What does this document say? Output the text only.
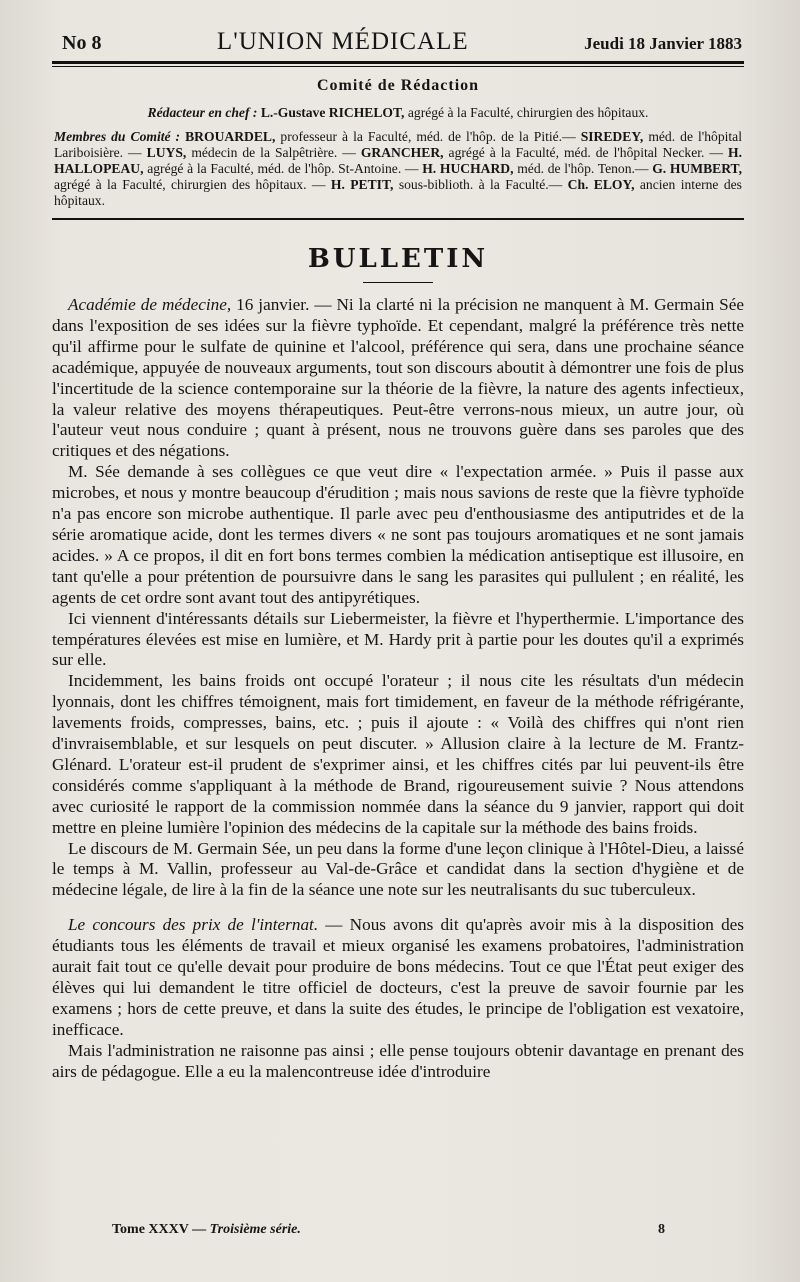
No 8	L'UNION MÉDICALE	Jeudi 18 Janvier 1883
Comité de Rédaction

Rédacteur en chef : L.-Gustave RICHELOT, agrégé à la Faculté, chirurgien des hôpitaux.

Membres du Comité : BROUARDEL, professeur à la Faculté, méd. de l'hôp. de la Pitié.— SIREDEY, méd. de l'hôpital Lariboisière. — LUYS, médecin de la Salpêtrière. — GRANCHER, agrégé à la Faculté, méd. de l'hôpital Necker. — H. HALLOPEAU, agrégé à la Faculté, méd. de l'hôp. St-Antoine. — H. HUCHARD, méd. de l'hôp. Tenon.— G. HUMBERT, agrégé à la Faculté, chirurgien des hôpitaux. — H. PETIT, sous-biblioth. à la Faculté.— Ch. ELOY, ancien interne des hôpitaux.

BULLETIN

Académie de médecine, 16 janvier. — Ni la clarté ni la précision ne manquent à M. Germain Sée dans l'exposition de ses idées sur la fièvre typhoïde. Et cependant, malgré la préférence très nette qu'il affirme pour le sulfate de quinine et l'alcool, préférence qui sera, dans une prochaine séance académique, appuyée de nouveaux arguments, tout son discours aboutit à démontrer une fois de plus l'incertitude de la science contemporaine sur la théorie de la fièvre, la nature des agents infectieux, la valeur relative des moyens thérapeutiques. Peut-être verrons-nous mieux, un autre jour, où l'auteur veut nous conduire ; quant à présent, nous ne trouvons guère dans ses paroles que des critiques et des négations.

M. Sée demande à ses collègues ce que veut dire « l'expectation armée. » Puis il passe aux microbes, et nous y montre beaucoup d'érudition ; mais nous savions de reste que la fièvre typhoïde n'a pas encore son microbe authentique. Il parle avec peu d'enthousiasme des antiputrides et de la série aromatique acide, dont les termes divers « ne sont pas toujours aromatiques et ne sont jamais acides. » A ce propos, il dit en fort bons termes combien la médication antiseptique est illusoire, en tant qu'elle a pour prétention de poursuivre dans le sang les parasites qui pullulent ; en réalité, les agents de cet ordre sont avant tout des antipyrétiques.

Ici viennent d'intéressants détails sur Liebermeister, la fièvre et l'hyperthermie. L'importance des températures élevées est mise en lumière, et M. Hardy prit à partie pour les doutes qu'il a exprimés sur elle.

Incidemment, les bains froids ont occupé l'orateur ; il nous cite les résultats d'un médecin lyonnais, dont les chiffres témoignent, mais fort timidement, en faveur de la méthode réfrigérante, lavements froids, compresses, bains, etc. ; puis il ajoute : « Voilà des chiffres qui n'ont rien d'invraisemblable, et sur lesquels on peut discuter. » Allusion claire à la lecture de M. Frantz-Glénard. L'orateur est-il prudent de s'exprimer ainsi, et les chiffres cités par lui peuvent-ils être considérés comme s'appliquant à la méthode de Brand, rigoureusement suivie ? Nous attendons avec curiosité le rapport de la commission nommée dans la séance du 9 janvier, rapport qui doit mettre en pleine lumière l'opinion des médecins de la capitale sur la méthode des bains froids.

Le discours de M. Germain Sée, un peu dans la forme d'une leçon clinique à l'Hôtel-Dieu, a laissé le temps à M. Vallin, professeur au Val-de-Grâce et candidat dans la section d'hygiène et de médecine légale, de lire à la fin de la séance une note sur les neutralisants du suc tuberculeux.

Le concours des prix de l'internat. — Nous avons dit qu'après avoir mis à la disposition des étudiants tous les éléments de travail et mieux organisé les examens probatoires, l'administration aurait fait tout ce qu'elle devait pour produire de bons médecins. Tout ce que l'État peut exiger des élèves qui lui demandent le titre officiel de docteurs, c'est la preuve de savoir fournie par les examens ; hors de cette preuve, et dans la suite des études, le principe de l'obligation est vexatoire, inefficace.

Mais l'administration ne raisonne pas ainsi ; elle pense toujours obtenir davantage en prenant des airs de pédagogue. Elle a eu la malencontreuse idée d'introduire

Tome XXXV — Troisième série.	8
